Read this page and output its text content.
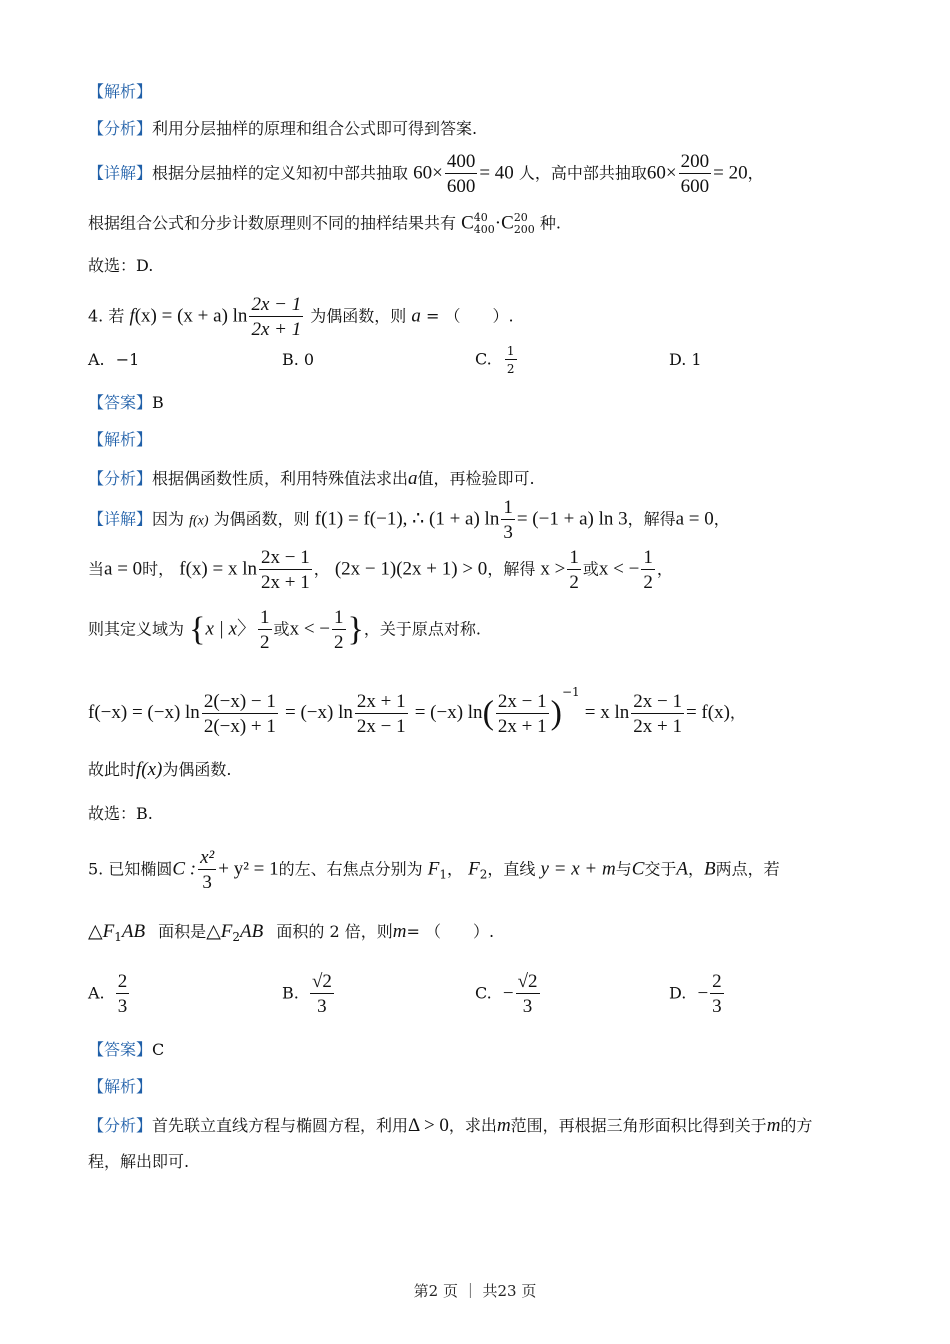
【解析】
【分析】利用分层抽样的原理和组合公式即可得到答案.
【详解】根据分层抽样的定义知初中部共抽取 $60\times \frac{400}{600} = 40$ 人，高中部共抽取$60\times \frac{200}{600} = 20$，
根据组合公式和分步计数原理则不同的抽样结果共有 C 40
400 ·C 20
200 种.
故选：D.
4. 若 f(x) = (x + a) $\ln \frac{2x - 1}{2x + 1}$ 为偶函数，则 a = （　　）.
A. −1	B. 0	C. $\frac{1}{2}$	D. 1
【答案】B
【解析】
【分析】根据偶函数性质，利用特殊值法求出a值，再检验即可.
【详解】因为 f(x) 为偶函数，则 f(1) = f(−1), ∴ (1 + a) $\ln \frac{1}{3} = (-1 + a)$ ln 3，解得a = 0，
当a = 0时， f(x) = x $\ln \frac{2x - 1}{2x + 1}$ ， (2x − 1)(2x + 1) > 0，解得 $x > \frac{1}{2}$ 或x < − $\frac{1}{2}$ ，
则其定义域为 {x | x〉 $\frac{1}{2}$ 或x < − $\frac{1}{2}$ }，关于原点对称.
f(−x) = (−x) $\ln \frac{2(-x) - 1}{2(-x) + 1} = (-x)$ $\ln \frac{2x + 1}{2x - 1} = (-x)$ $\ln( \frac{2x - 1}{2x + 1} )^{-1} = x$ $\ln \frac{2x - 1}{2x + 1} = f(x)$，
故此时f(x)为偶函数.
故选：B.
5. 已知椭圆C : $\frac{\text{x²}}{3} + y^2 = 1$的左、右焦点分别为 $F_1$， $F_2$，直线 y = x + m与C交于A，B两点，若
$\triangle F_1AB$ 面积是$\triangle F_2AB$ 面积的 2 倍，则m= （　　）.
A. $\frac{2}{3}$	B. $\frac{√2}{3}$	C. − $\frac{√2}{3}$	D. − $\frac{2}{3}$
【答案】C
【解析】
【分析】首先联立直线方程与椭圆方程，利用Δ > 0，求出m范围，再根据三角形面积比得到关于m的方
程，解出即可.
第2 页 ｜ 共23 页
